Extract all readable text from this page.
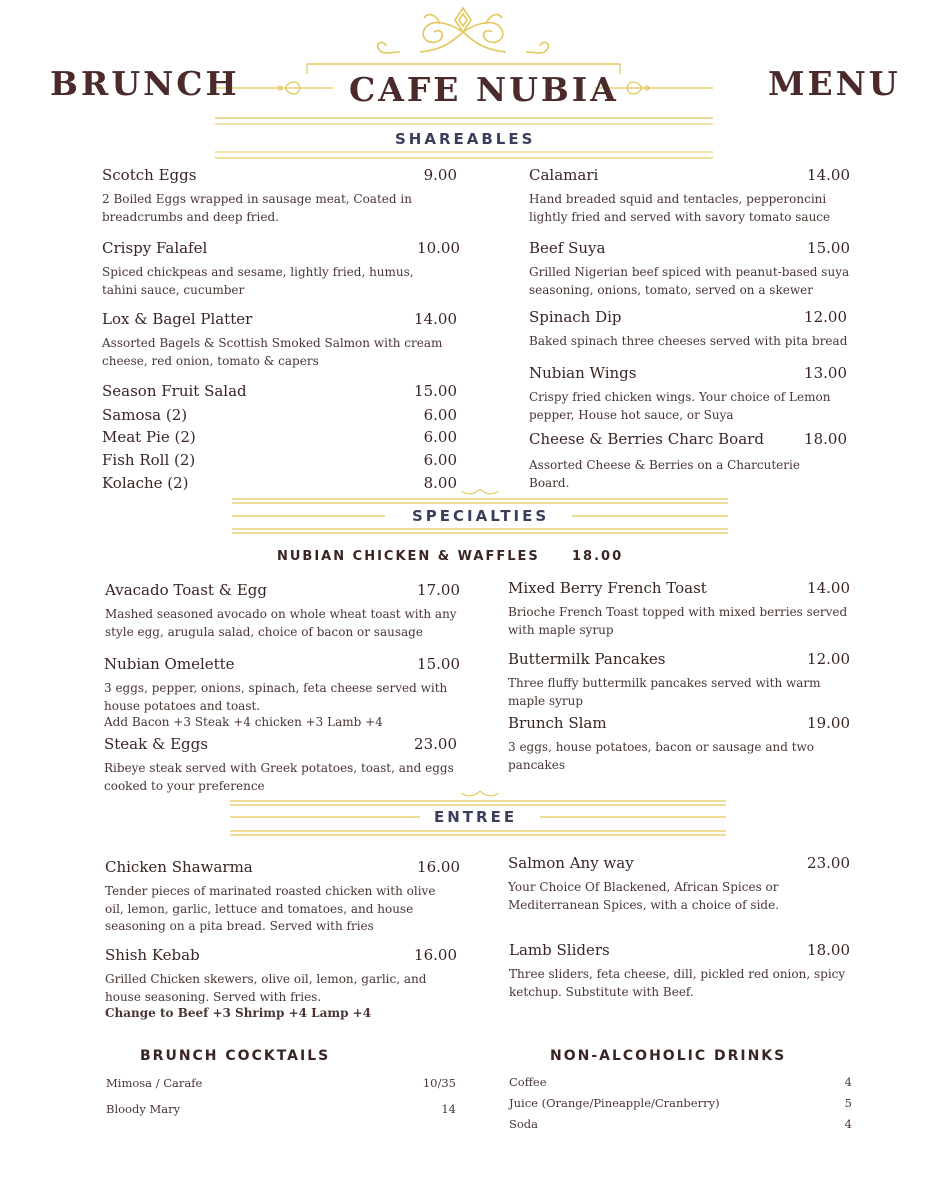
BRUNCH	CAFE NUBIA	MENU
SHAREABLES
Scotch Eggs	9.00
2 Boiled Eggs wrapped in sausage meat, Coated in breadcrumbs and deep fried.
Crispy Falafel	10.00
Spiced chickpeas and sesame, lightly fried, humus, tahini sauce, cucumber
Lox & Bagel Platter	14.00
Assorted Bagels & Scottish Smoked Salmon with cream cheese, red onion, tomato & capers
Season Fruit Salad	15.00
Samosa (2)	6.00
Meat Pie (2)	6.00
Fish Roll (2)	6.00
Kolache (2)	8.00
Calamari	14.00
Hand breaded squid and tentacles, pepperoncini lightly fried and served with savory tomato sauce
Beef Suya	15.00
Grilled Nigerian beef spiced with peanut-based suya seasoning, onions, tomato, served on a skewer
Spinach Dip	12.00
Baked spinach three cheeses served with pita bread
Nubian Wings	13.00
Crispy fried chicken wings. Your choice of Lemon pepper, House hot sauce, or Suya
Cheese & Berries Charc Board	18.00
Assorted Cheese & Berries on a Charcuterie Board.
SPECIALTIES
NUBIAN CHICKEN & WAFFLES 18.00
Avacado Toast & Egg	17.00
Mashed seasoned avocado on whole wheat toast with any style egg, arugula salad, choice of bacon or sausage
Nubian Omelette	15.00
3 eggs, pepper, onions, spinach, feta cheese served with house potatoes and toast.
Add Bacon +3 Steak +4 chicken +3 Lamb +4
Steak & Eggs	23.00
Ribeye steak served with Greek potatoes, toast, and eggs cooked to your preference
Mixed Berry French Toast	14.00
Brioche French Toast topped with mixed berries served with maple syrup
Buttermilk Pancakes	12.00
Three fluffy buttermilk pancakes served with warm maple syrup
Brunch Slam	19.00
3 eggs, house potatoes, bacon or sausage and two pancakes
ENTREE
Chicken Shawarma	16.00
Tender pieces of marinated roasted chicken with olive oil, lemon, garlic, lettuce and tomatoes, and house seasoning on a pita bread. Served with fries
Shish Kebab	16.00
Grilled Chicken skewers, olive oil, lemon, garlic, and house seasoning. Served with fries.
Change to Beef +3 Shrimp +4 Lamp +4
Salmon Any way	23.00
Your Choice Of Blackened, African Spices or Mediterranean Spices, with a choice of side.
Lamb Sliders	18.00
Three sliders, feta cheese, dill, pickled red onion, spicy ketchup. Substitute with Beef.
BRUNCH COCKTAILS
Mimosa / Carafe	10/35
Bloody Mary	14
NON-ALCOHOLIC DRINKS
Coffee	4
Juice (Orange/Pineapple/Cranberry)	5
Soda	4
